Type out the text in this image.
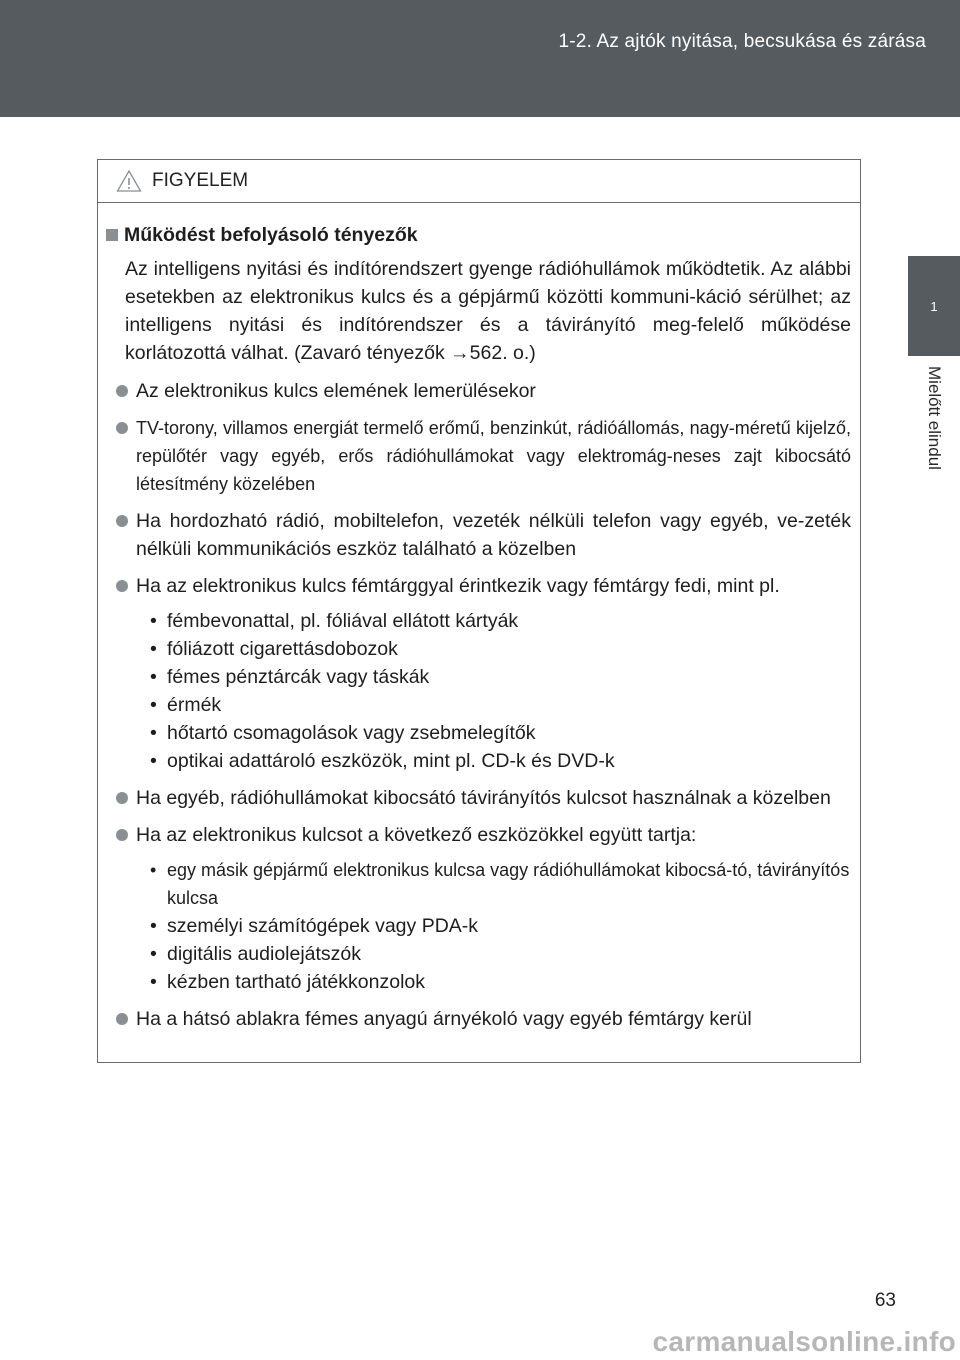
1-2. Az ajtók nyitása, becsukása és zárása
1
Mielőtt elindul
FIGYELEM
Működést befolyásoló tényezők
Az intelligens nyitási és indítórendszert gyenge rádióhullámok működtetik. Az alábbi esetekben az elektronikus kulcs és a gépjármű közötti kommuni-káció sérülhet; az intelligens nyitási és indítórendszer és a távirányító meg-felelő működése korlátozottá válhat. (Zavaró tényezők →562. o.)
Az elektronikus kulcs elemének lemerülésekor
TV-torony, villamos energiát termelő erőmű, benzinkút, rádióállomás, nagy-méretű kijelző, repülőtér vagy egyéb, erős rádióhullámokat vagy elektromág-neses zajt kibocsátó létesítmény közelében
Ha hordozható rádió, mobiltelefon, vezeték nélküli telefon vagy egyéb, ve-zeték nélküli kommunikációs eszköz található a közelben
Ha az elektronikus kulcs fémtárggyal érintkezik vagy fémtárgy fedi, mint pl.
• fémbevonattal, pl. fóliával ellátott kártyák
• fóliázott cigarettásdobozok
• fémes pénztárcák vagy táskák
• érmék
• hőtartó csomagolások vagy zsebmelegítők
• optikai adattároló eszközök, mint pl. CD-k és DVD-k
Ha egyéb, rádióhullámokat kibocsátó távirányítós kulcsot használnak a közelben
Ha az elektronikus kulcsot a következő eszközökkel együtt tartja:
• egy másik gépjármű elektronikus kulcsa vagy rádióhullámokat kibocsá-tó, távirányítós kulcsa
• személyi számítógépek vagy PDA-k
• digitális audiolejátszók
• kézben tartható játékkonzolok
Ha a hátsó ablakra fémes anyagú árnyékoló vagy egyéb fémtárgy kerül
63
carmanualsonline.info
